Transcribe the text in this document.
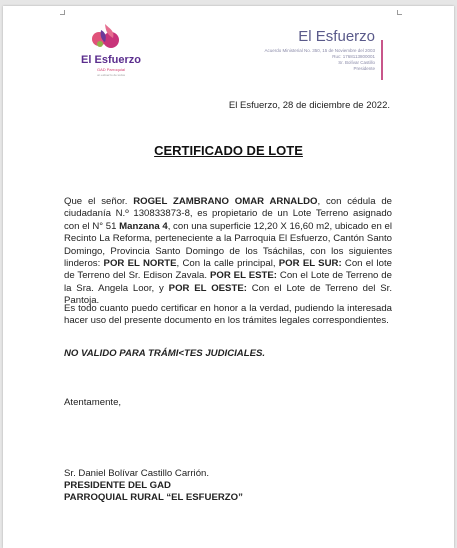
El Esfuerzo
GAD Parroquial
un esfuerzo de todos
El Esfuerzo
Acuerdo Ministerial No. 350, 15 de Noviembre del 2003
Ruc: 1768113800001
Sr. Bolívar Castillo
Presidente
El Esfuerzo, 28 de diciembre de 2022.
CERTIFICADO DE LOTE
Que el señor. ROGEL ZAMBRANO OMAR ARNALDO, con cédula de ciudadanía N.º 130833873-8, es propietario de un Lote Terreno asignado con el N° 51 Manzana 4, con una superficie 12,20 X 16,60 m2, ubicado en el Recinto La Reforma, perteneciente a la Parroquia El Esfuerzo, Cantón Santo Domingo, Provincia Santo Domingo de los Tsáchilas, con los siguientes linderos: POR EL NORTE, Con la calle principal, POR EL SUR: Con el lote de Terreno del Sr. Edison Zavala. POR EL ESTE: Con el Lote de Terreno de la Sra. Angela Loor, y POR EL OESTE: Con el Lote de Terreno del Sr. Pantoja.
Es todo cuanto puedo certificar en honor a la verdad, pudiendo la interesada hacer uso del presente documento en los trámites legales correspondientes.
NO VALIDO PARA TRÁMI<TES JUDICIALES.
Atentamente,
Sr. Daniel Bolívar Castillo Carrión.
PRESIDENTE DEL GAD
PARROQUIAL RURAL “EL ESFUERZO”
